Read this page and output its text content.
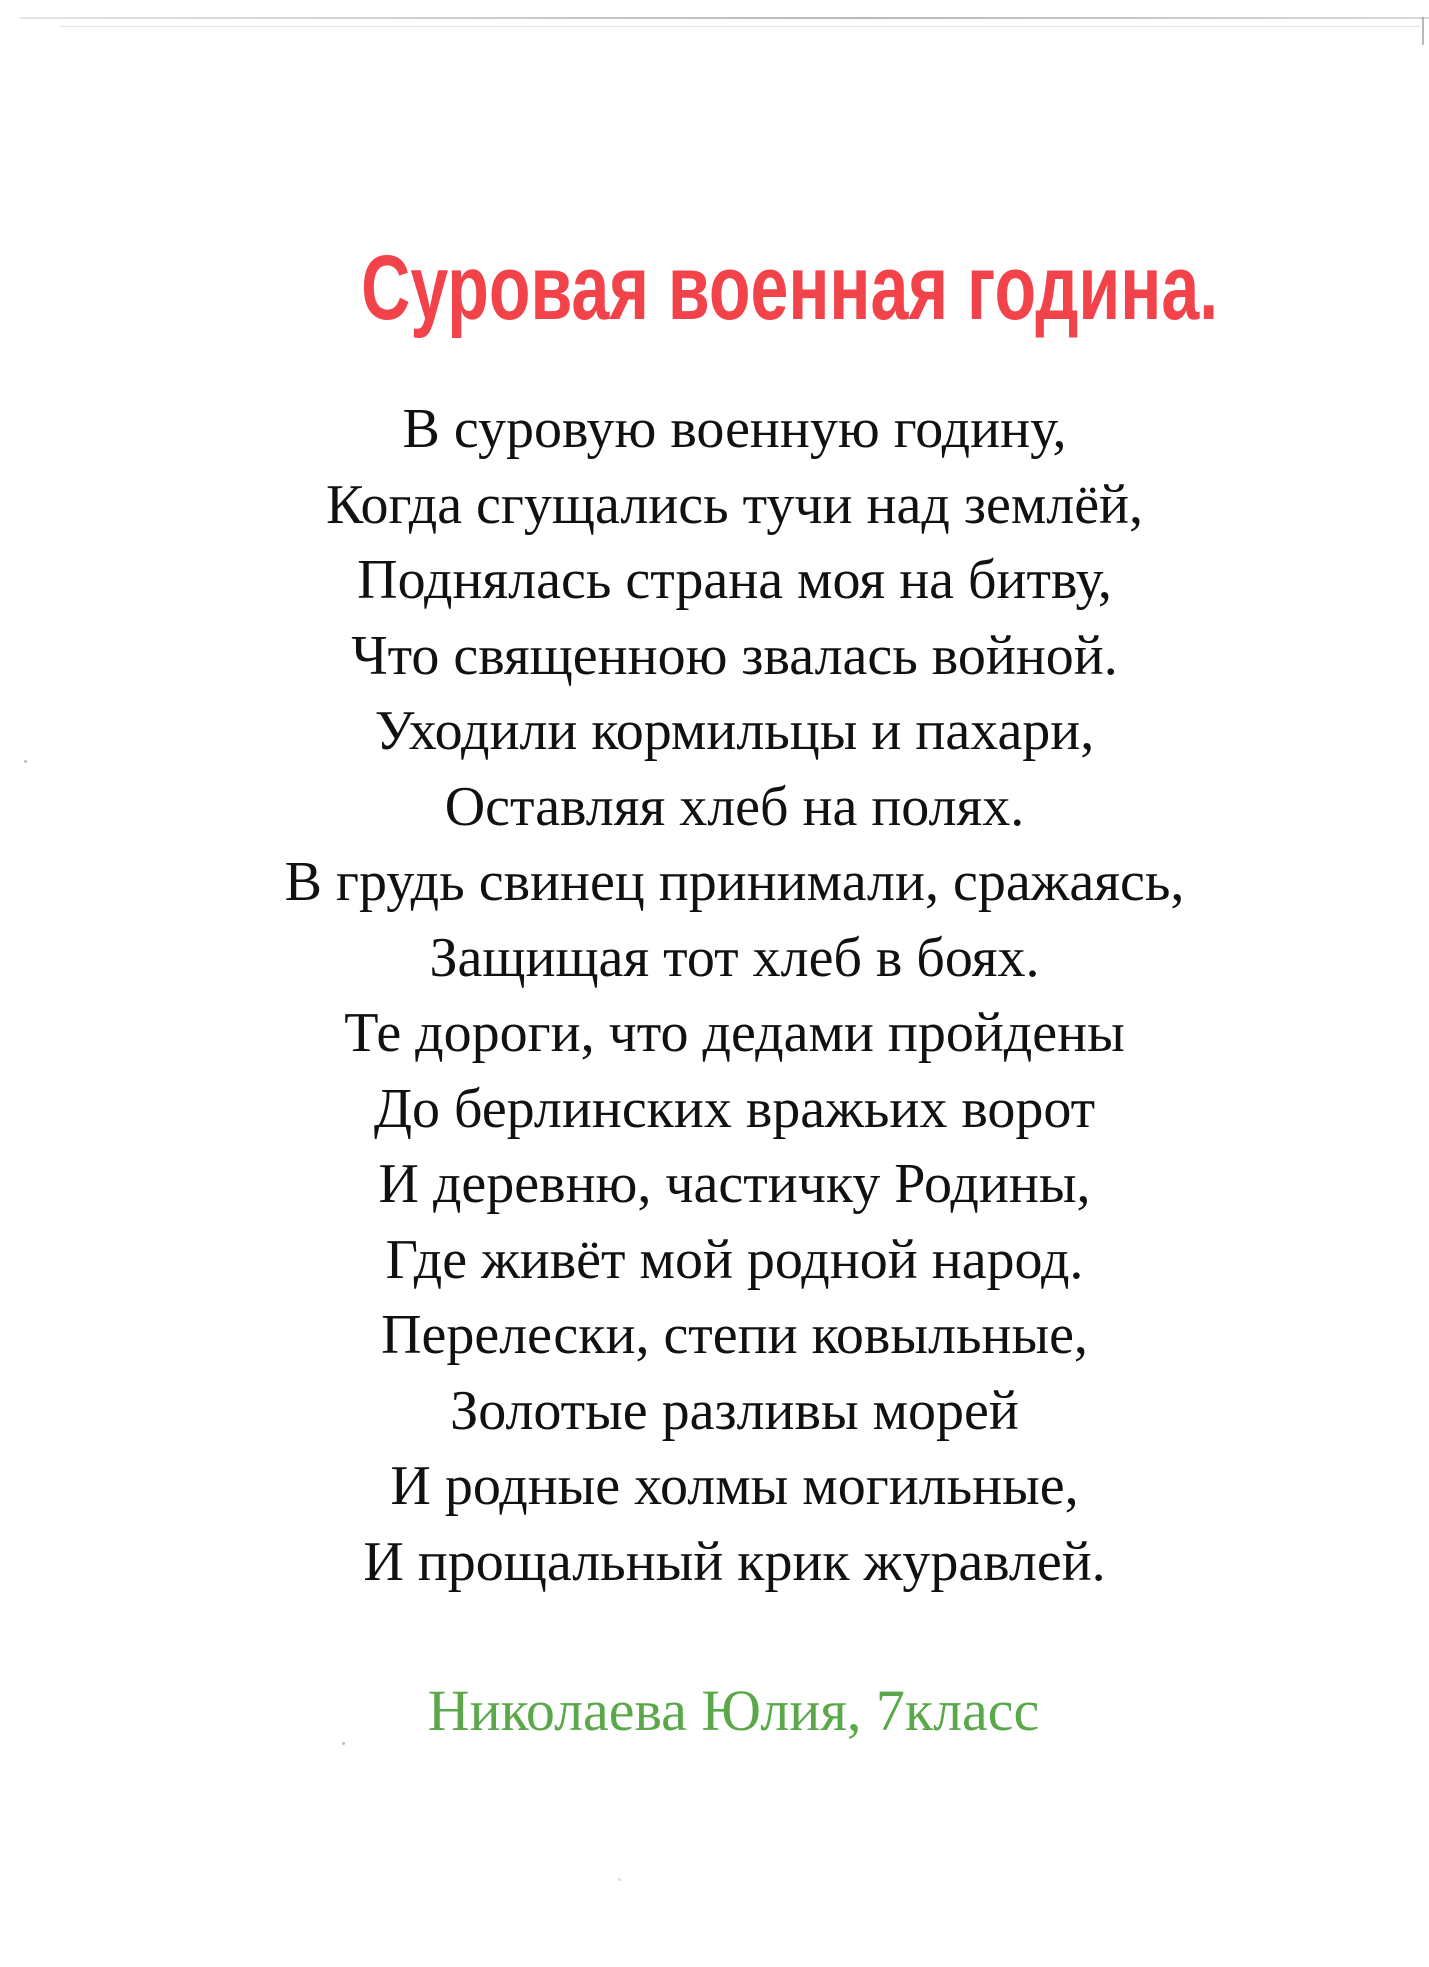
Суровая военная година.
В суровую военную годину,
Когда сгущались тучи над землёй,
Поднялась страна моя на битву,
Что священною звалась войной.
Уходили кормильцы и пахари,
Оставляя хлеб на полях.
В грудь свинец принимали, сражаясь,
Защищая тот хлеб в боях.
Те дороги, что дедами пройдены
До берлинских вражьих ворот
И деревню, частичку Родины,
Где живёт мой родной народ.
Перелески, степи ковыльные,
Золотые разливы морей
И родные холмы могильные,
И прощальный крик журавлей.
Николаева Юлия, 7класс
